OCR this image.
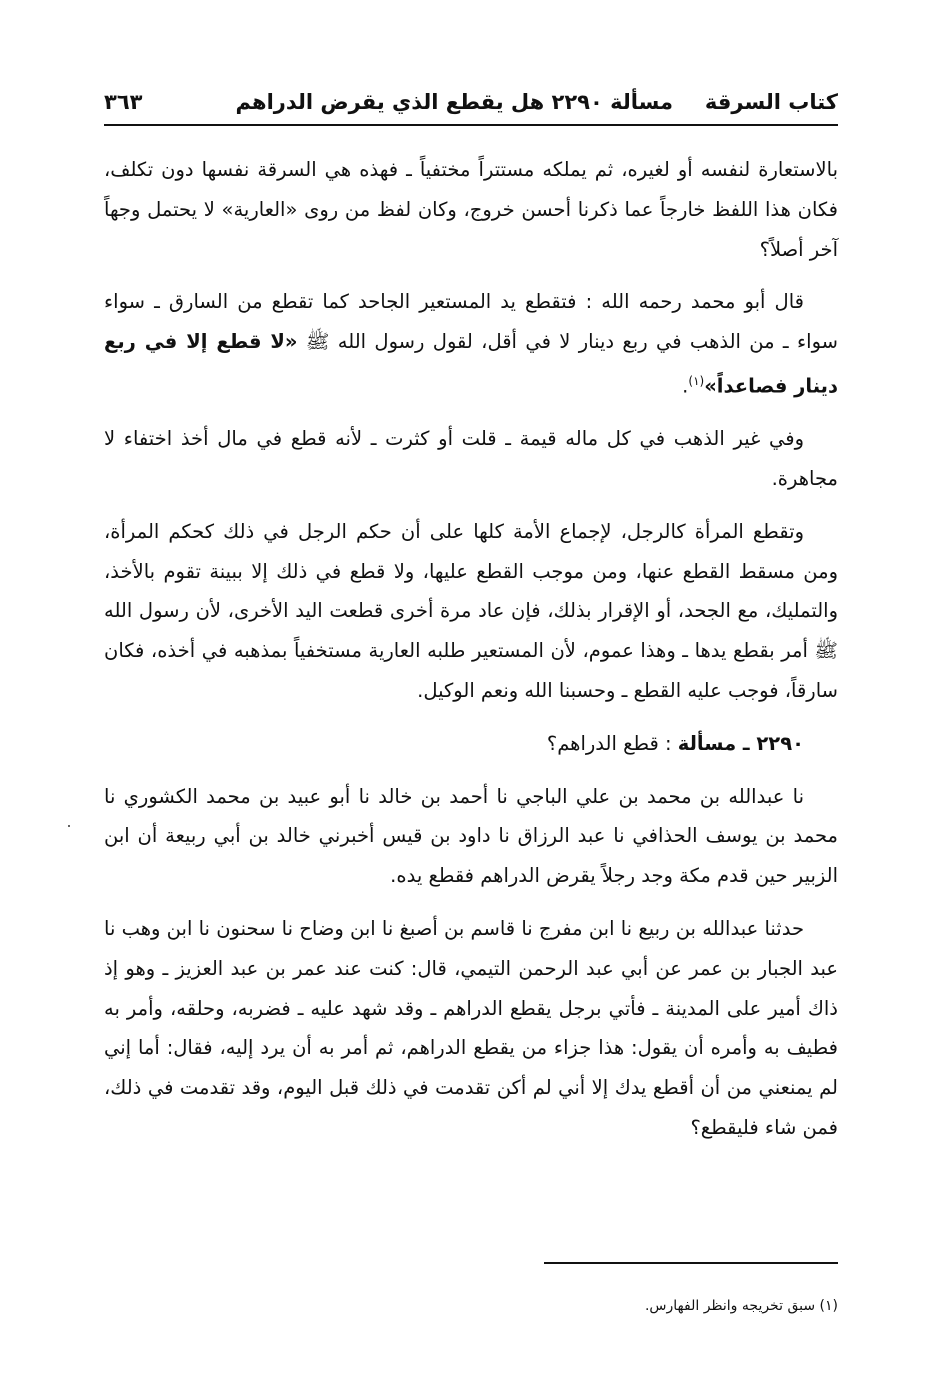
كتاب السرقة
مسألة ٢٢٩٠ هل يقطع الذي يقرض الدراهم
٣٦٣

بالاستعارة لنفسه أو لغيره، ثم يملكه مستتراً مختفياً ـ فهذه هي السرقة نفسها دون تكلف، فكان هذا اللفظ خارجاً عما ذكرنا أحسن خروج، وكان لفظ من روى «العارية» لا يحتمل وجهاً آخر أصلاً؟

قال أبو محمد رحمه الله : فتقطع يد المستعير الجاحد كما تقطع من السارق ـ سواء سواء ـ من الذهب في ربع دينار لا في أقل، لقول رسول الله ﷺ «لا قطع إلا في ربع دينار فصاعداً»$^{(١)}$.

وفي غير الذهب في كل ماله قيمة ـ قلت أو كثرت ـ لأنه قطع في مال أخذ اختفاء لا مجاهرة.

وتقطع المرأة كالرجل، لإجماع الأمة كلها على أن حكم الرجل في ذلك كحكم المرأة، ومن مسقط القطع عنها، ومن موجب القطع عليها، ولا قطع في ذلك إلا ببينة تقوم بالأخذ، والتمليك، مع الجحد، أو الإقرار بذلك، فإن عاد مرة أخرى قطعت اليد الأخرى، لأن رسول الله ﷺ أمر بقطع يدها ـ وهذا عموم، لأن المستعير طلبه العارية مستخفياً بمذهبه في أخذه، فكان سارقاً، فوجب عليه القطع ـ وحسبنا الله ونعم الوكيل.

٢٢٩٠ ـ مسألة : قطع الدراهم؟

نا عبدالله بن محمد بن علي الباجي نا أحمد بن خالد نا أبو عبيد بن محمد الكشوري نا محمد بن يوسف الحذافي نا عبد الرزاق نا داود بن قيس أخبرني خالد بن أبي ربيعة أن ابن الزبير حين قدم مكة وجد رجلاً يقرض الدراهم فقطع يده.

حدثنا عبدالله بن ربيع نا ابن مفرج نا قاسم بن أصبغ نا ابن وضاح نا سحنون نا ابن وهب نا عبد الجبار بن عمر عن أبي عبد الرحمن التيمي، قال: كنت عند عمر بن عبد العزيز ـ وهو إذ ذاك أمير على المدينة ـ فأتي برجل يقطع الدراهم ـ وقد شهد عليه ـ فضربه، وحلقه، وأمر به فطيف به وأمره أن يقول: هذا جزاء من يقطع الدراهم، ثم أمر به أن يرد إليه، فقال: أما إني لم يمنعني من أن أقطع يدك إلا أني لم أكن تقدمت في ذلك قبل اليوم، وقد تقدمت في ذلك، فمن شاء فليقطع؟

(١) سبق تخريجه وانظر الفهارس.
